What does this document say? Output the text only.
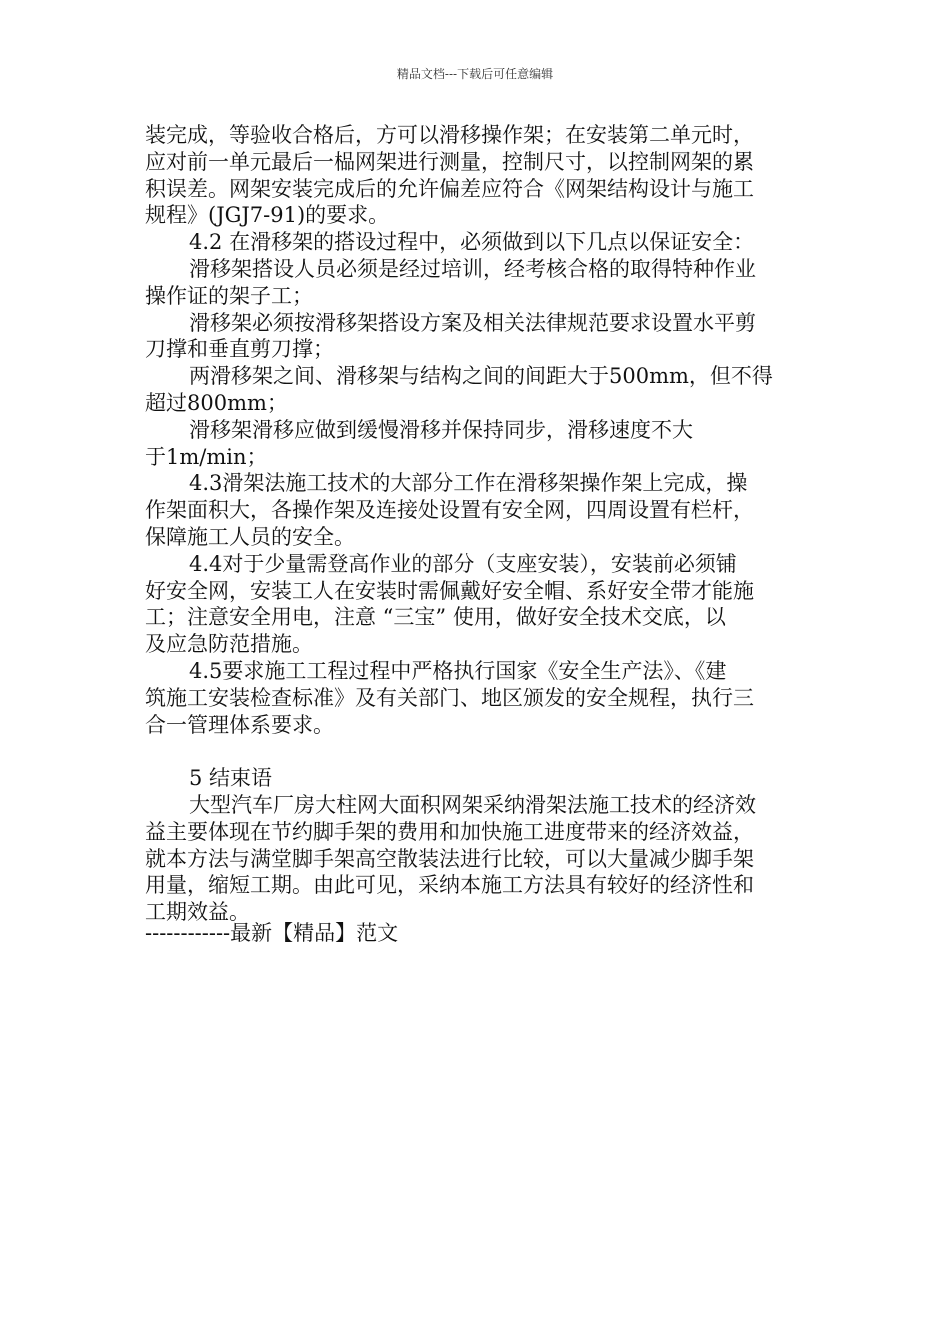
精品文档---下载后可任意编辑
装完成，等验收合格后，方可以滑移操作架；在安装第二单元时，
应对前一单元最后一榀网架进行测量，控制尺寸，以控制网架的累
积误差。网架安装完成后的允许偏差应符合《网架结构设计与施工
规程》(JGJ7-91)的要求。
4.2 在滑移架的搭设过程中，必须做到以下几点以保证安全：
滑移架搭设人员必须是经过培训，经考核合格的取得特种作业
操作证的架子工；
滑移架必须按滑移架搭设方案及相关法律规范要求设置水平剪
刀撑和垂直剪刀撑；
两滑移架之间、滑移架与结构之间的间距大于500mm，但不得
超过800mm；
滑移架滑移应做到缓慢滑移并保持同步，滑移速度不大
于1m/min；
4.3滑架法施工技术的大部分工作在滑移架操作架上完成，操
作架面积大，各操作架及连接处设置有安全网，四周设置有栏杆，
保障施工人员的安全。
4.4对于少量需登高作业的部分（支座安装），安装前必须铺
好安全网，安装工人在安装时需佩戴好安全帽、系好安全带才能施
工；注意安全用电，注意 “三宝” 使用，做好安全技术交底，以
及应急防范措施。
4.5要求施工工程过程中严格执行国家《安全生产法》、《建
筑施工安装检查标准》及有关部门、地区颁发的安全规程，执行三
合一管理体系要求。
5 结束语
大型汽车厂房大柱网大面积网架采纳滑架法施工技术的经济效
益主要体现在节约脚手架的费用和加快施工进度带来的经济效益，
就本方法与满堂脚手架高空散装法进行比较，可以大量减少脚手架
用量，缩短工期。由此可见，采纳本施工方法具有较好的经济性和
工期效益。
------------最新【精品】范文
